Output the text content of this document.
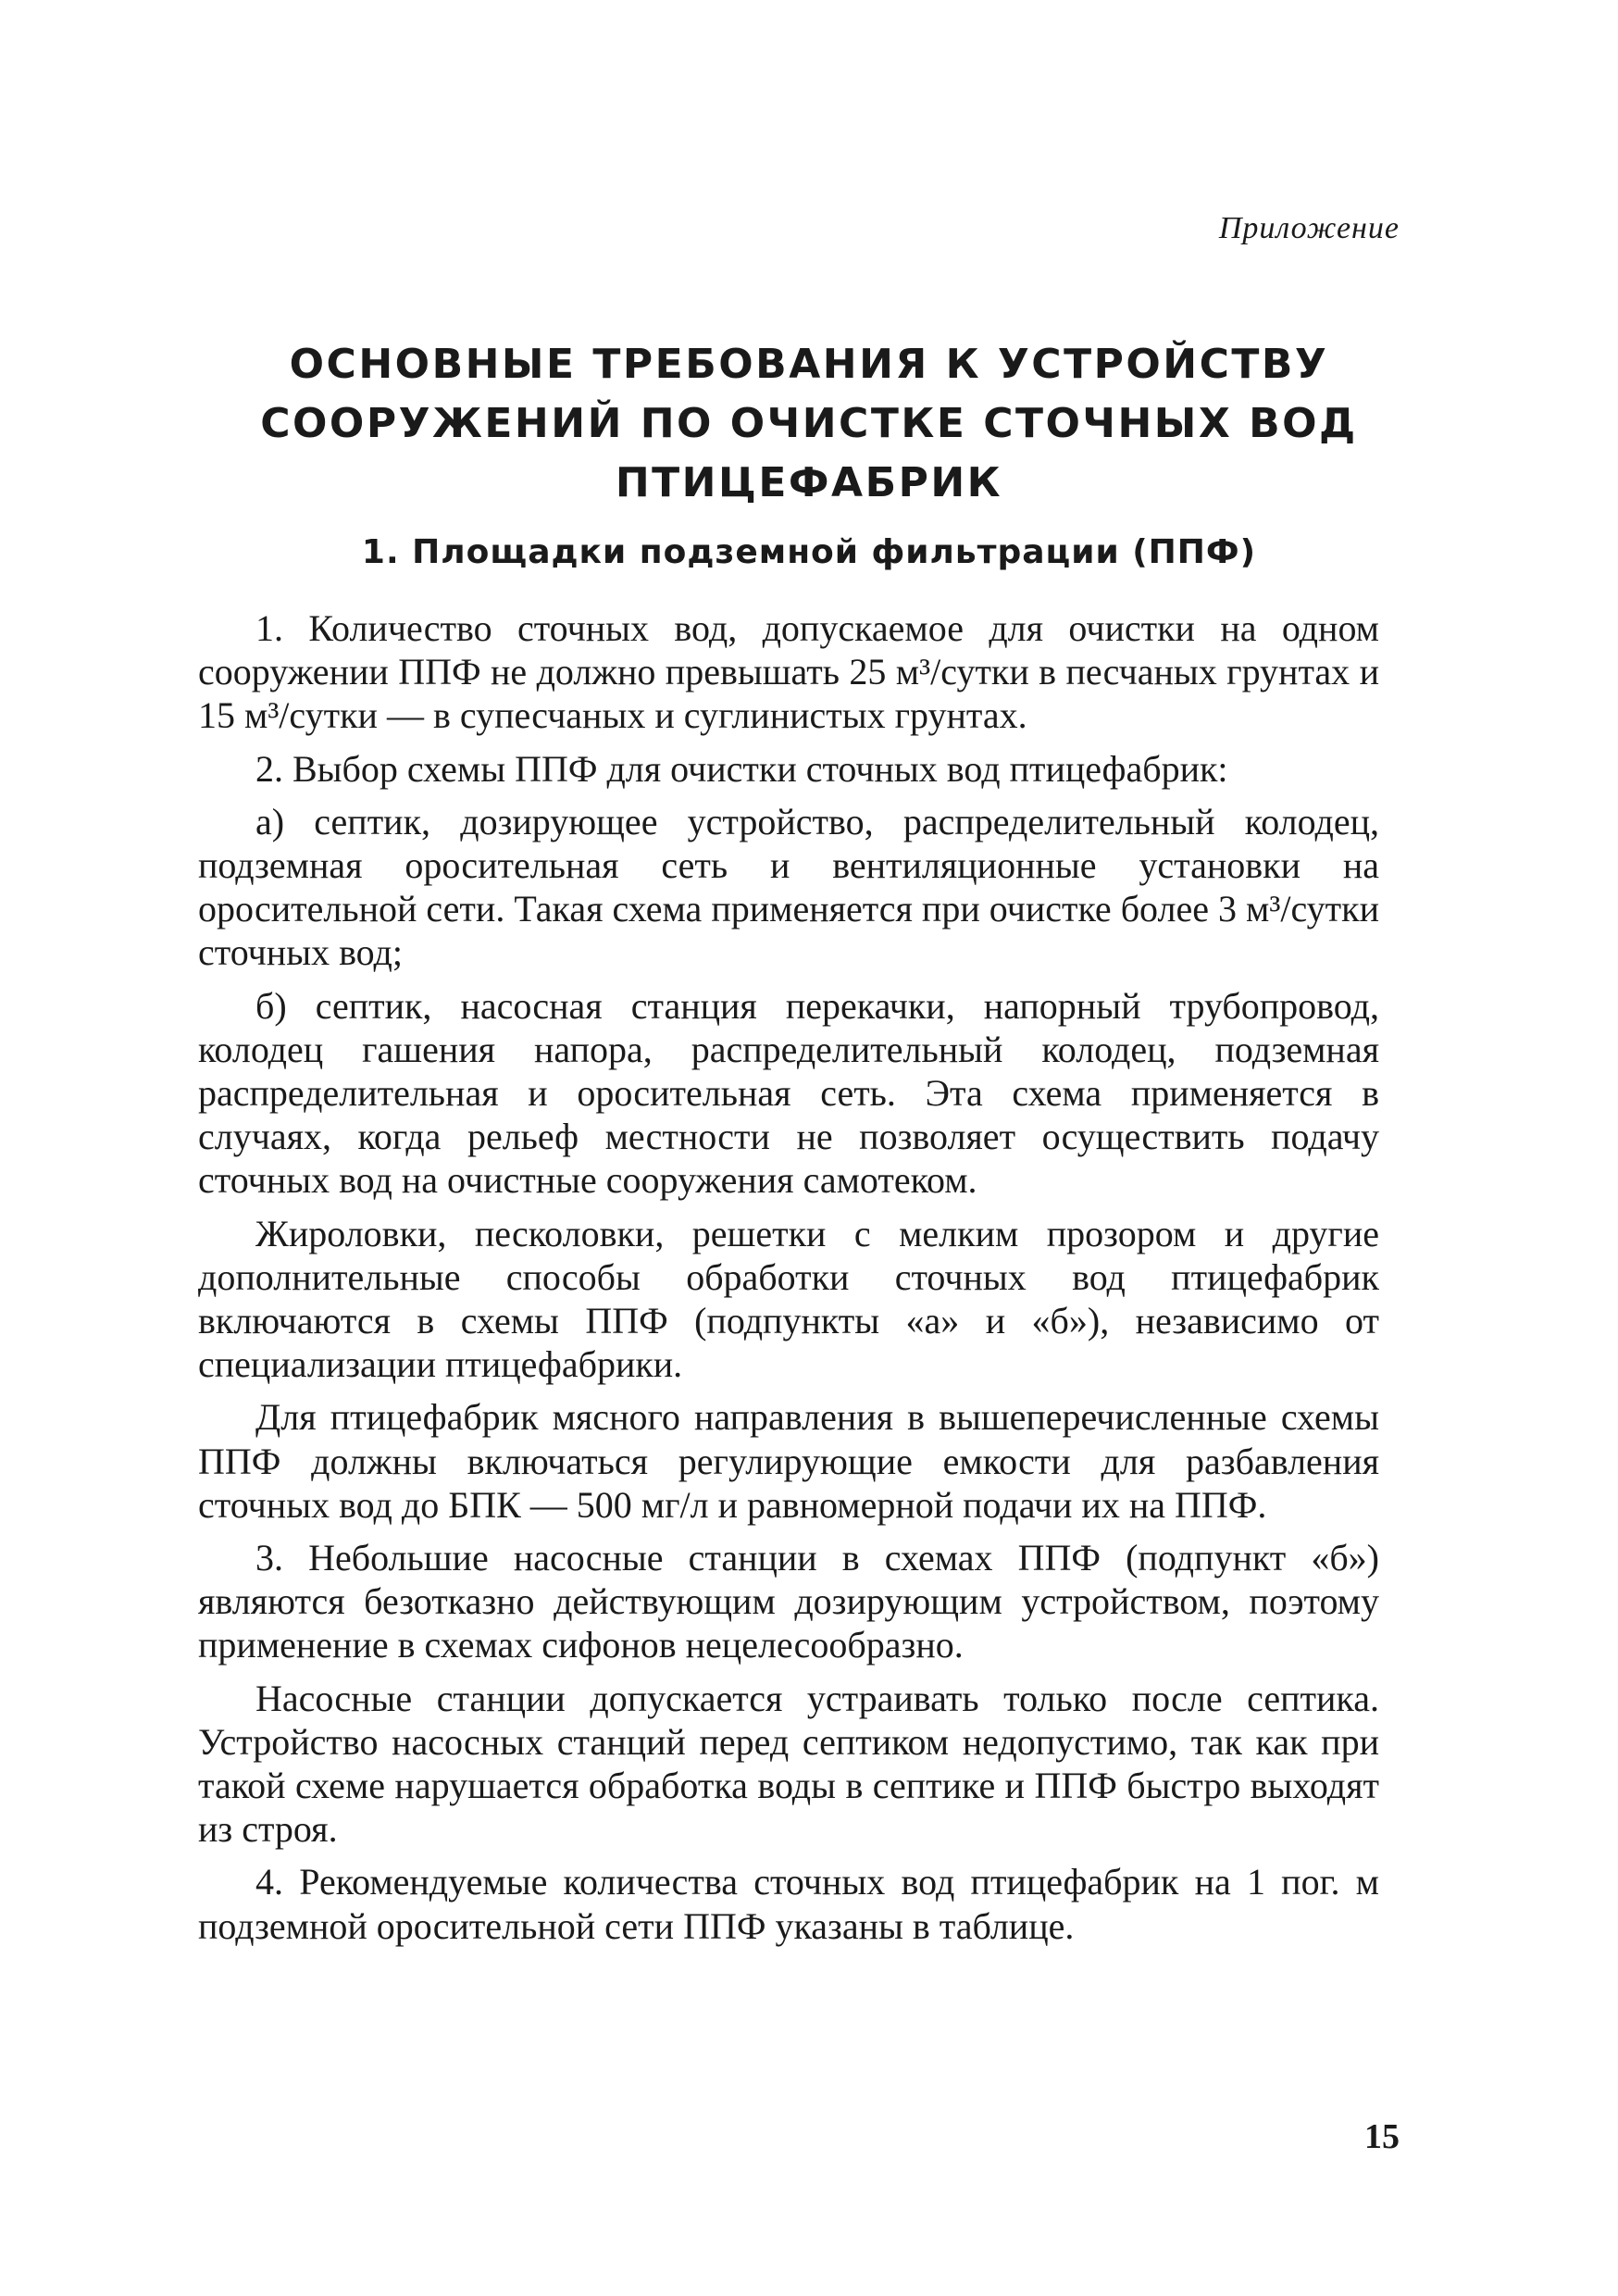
Приложение
ОСНОВНЫЕ ТРЕБОВАНИЯ К УСТРОЙСТВУ
СООРУЖЕНИЙ ПО ОЧИСТКЕ СТОЧНЫХ ВОД
ПТИЦЕФАБРИК
1. Площадки подземной фильтрации (ППФ)

1. Количество сточных вод, допускаемое для очистки на одном сооружении ППФ не должно превышать 25 м³/сутки в песчаных грунтах и 15 м³/сутки — в супесчаных и суглинистых грунтах.

2. Выбор схемы ППФ для очистки сточных вод птицефабрик:

а) септик, дозирующее устройство, распределительный колодец, подземная оросительная сеть и вентиляционные установки на оросительной сети. Такая схема применяется при очистке более 3 м³/сутки сточных вод;

б) септик, насосная станция перекачки, напорный трубопровод, колодец гашения напора, распределительный колодец, подземная распределительная и оросительная сеть. Эта схема применяется в случаях, когда рельеф местности не позволяет осуществить подачу сточных вод на очистные сооружения самотеком.

Жироловки, песколовки, решетки с мелким прозором и другие дополнительные способы обработки сточных вод птицефабрик включаются в схемы ППФ (подпункты «а» и «б»), независимо от специализации птицефабрики.

Для птицефабрик мясного направления в вышеперечисленные схемы ППФ должны включаться регулирующие емкости для разбавления сточных вод до БПК — 500 мг/л и равномерной подачи их на ППФ.

3. Небольшие насосные станции в схемах ППФ (подпункт «б») являются безотказно действующим дозирующим устройством, поэтому применение в схемах сифонов нецелесообразно.

Насосные станции допускается устраивать только после септика. Устройство насосных станций перед септиком недопустимо, так как при такой схеме нарушается обработка воды в септике и ППФ быстро выходят из строя.

4. Рекомендуемые количества сточных вод птицефабрик на 1 пог. м подземной оросительной сети ППФ указаны в таблице.

15
